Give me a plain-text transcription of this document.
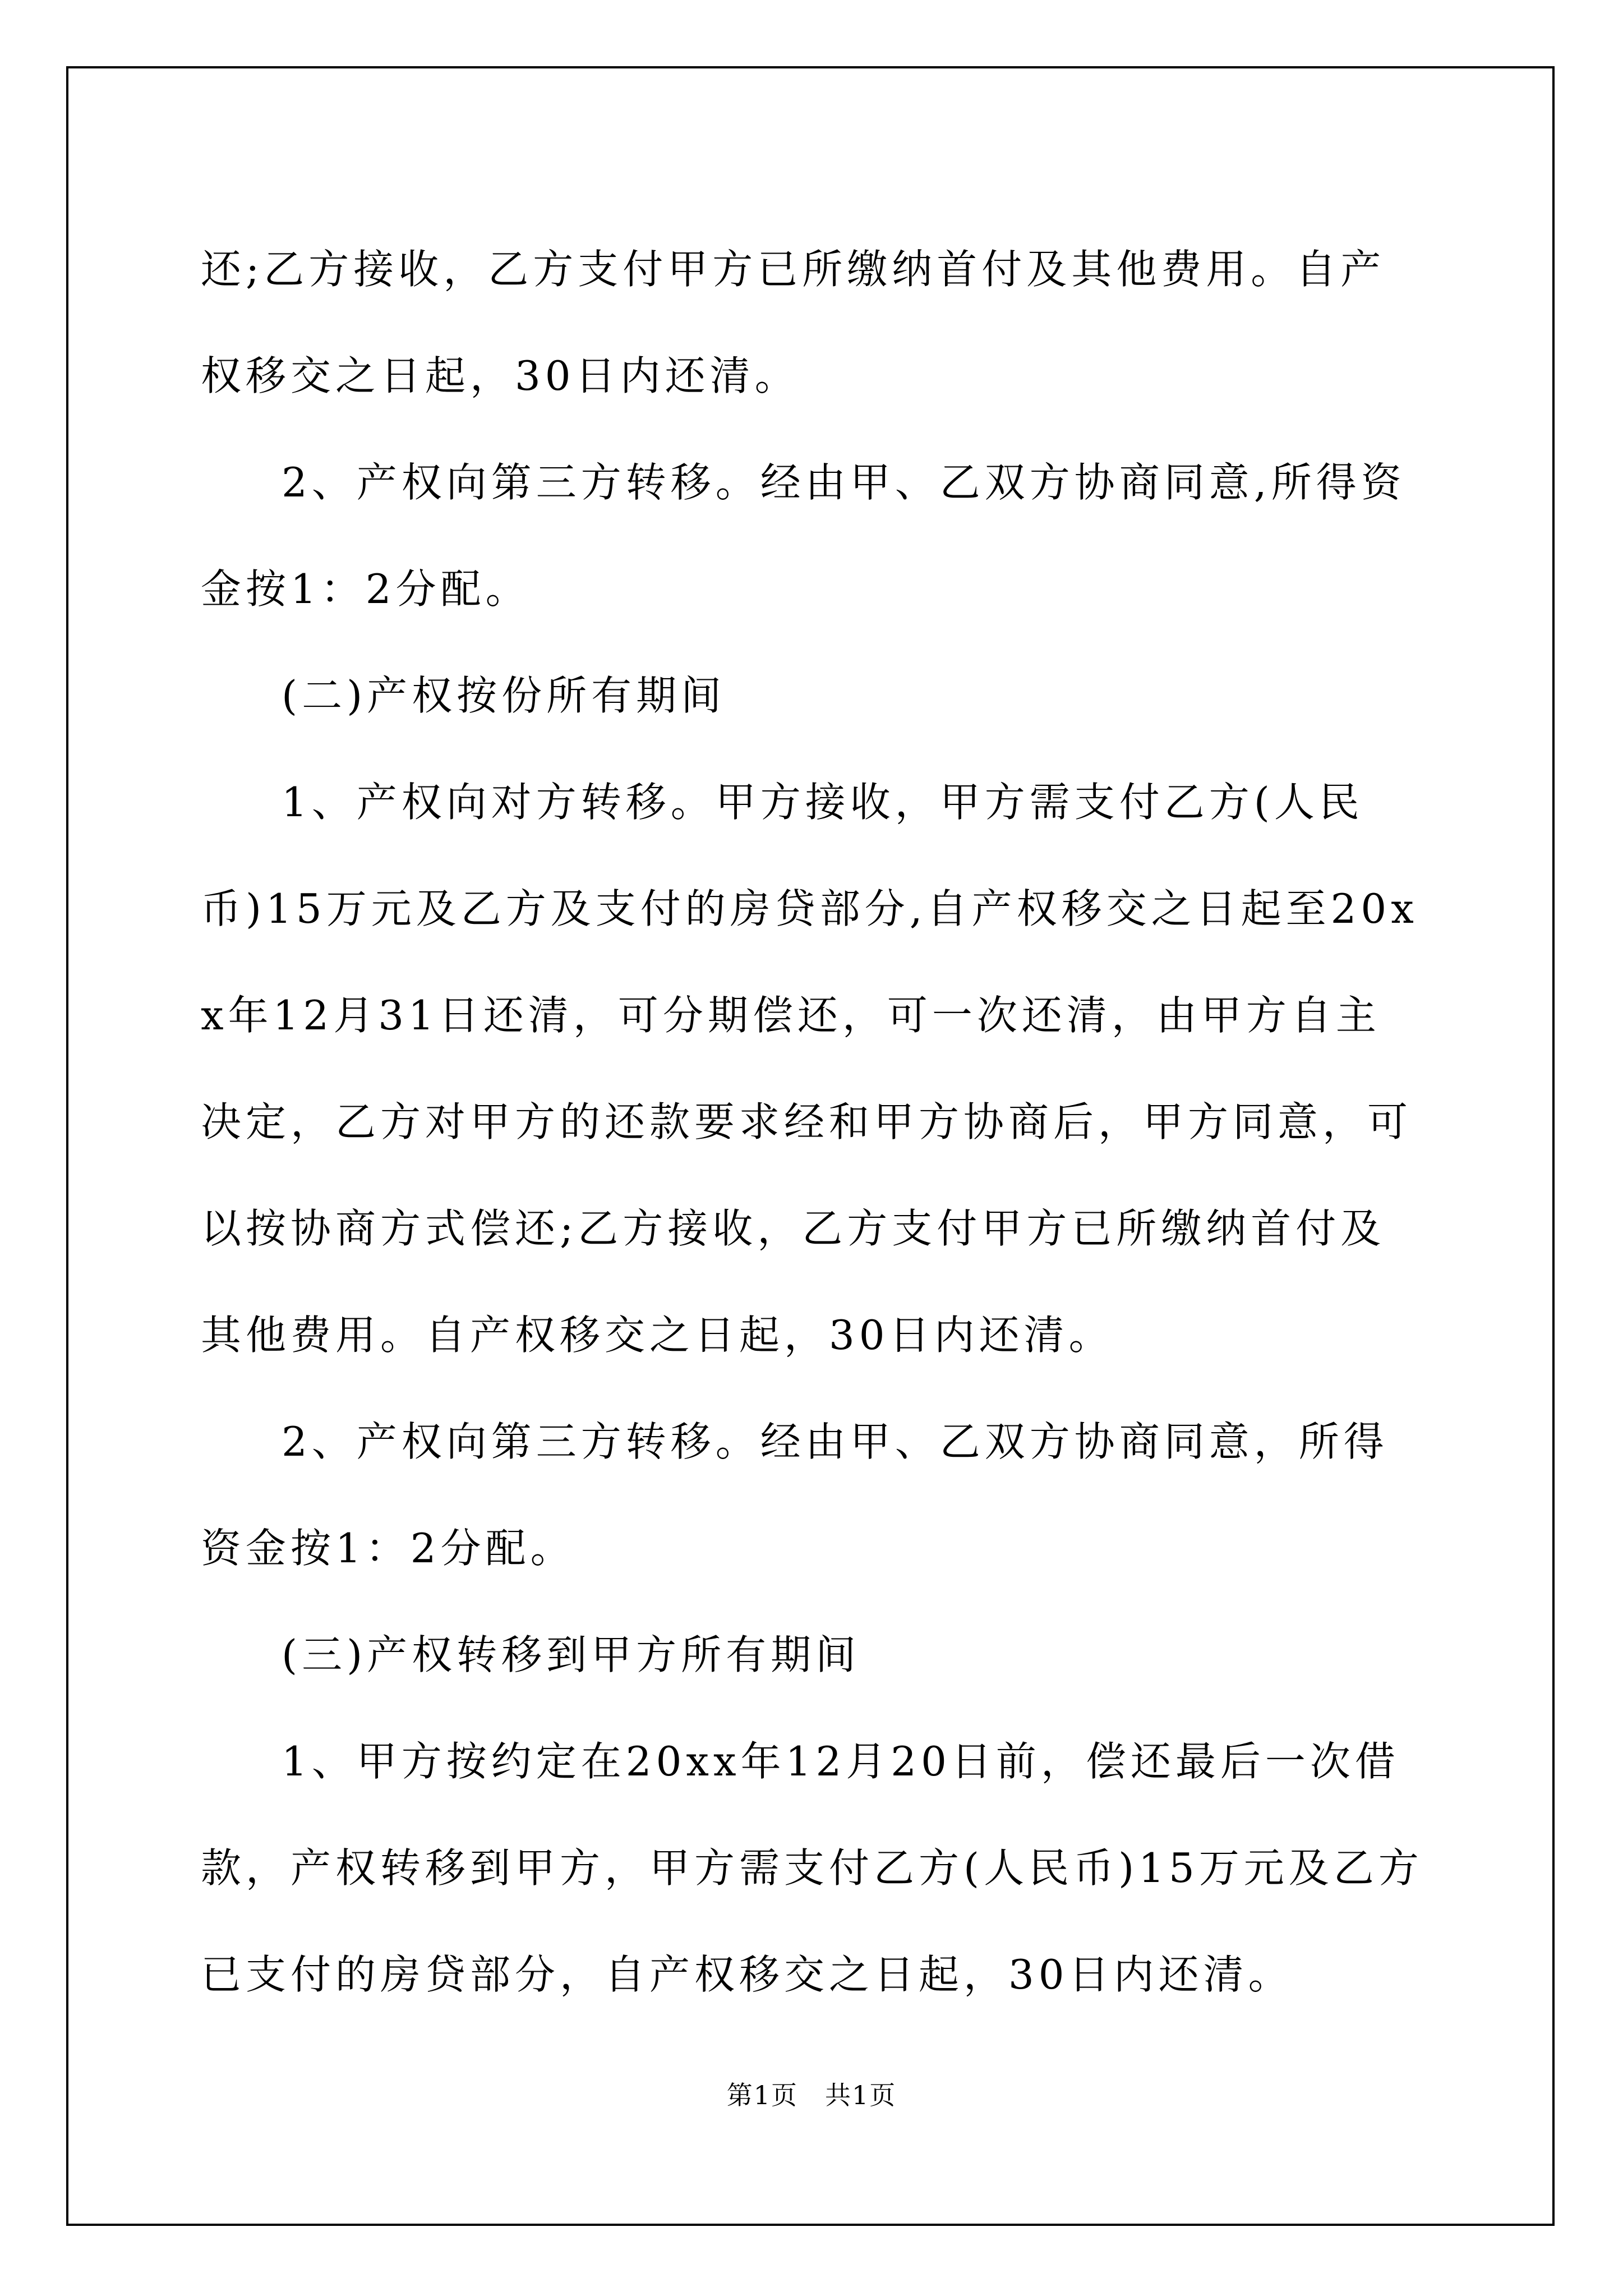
还;乙方接收，乙方支付甲方已所缴纳首付及其他费用。自产权移交之日起，30日内还清。

2、产权向第三方转移。经由甲、乙双方协商同意,所得资金按1：2分配。

(二)产权按份所有期间

1、产权向对方转移。甲方接收，甲方需支付乙方(人民币)15万元及乙方及支付的房贷部分,自产权移交之日起至20xx年12月31日还清，可分期偿还，可一次还清，由甲方自主决定，乙方对甲方的还款要求经和甲方协商后，甲方同意，可以按协商方式偿还;乙方接收，乙方支付甲方已所缴纳首付及其他费用。自产权移交之日起，30日内还清。

2、产权向第三方转移。经由甲、乙双方协商同意，所得资金按1：2分配。

(三)产权转移到甲方所有期间

1、甲方按约定在20xx年12月20日前，偿还最后一次借款，产权转移到甲方，甲方需支付乙方(人民币)15万元及乙方已支付的房贷部分，自产权移交之日起，30日内还清。

第1页　共1页
